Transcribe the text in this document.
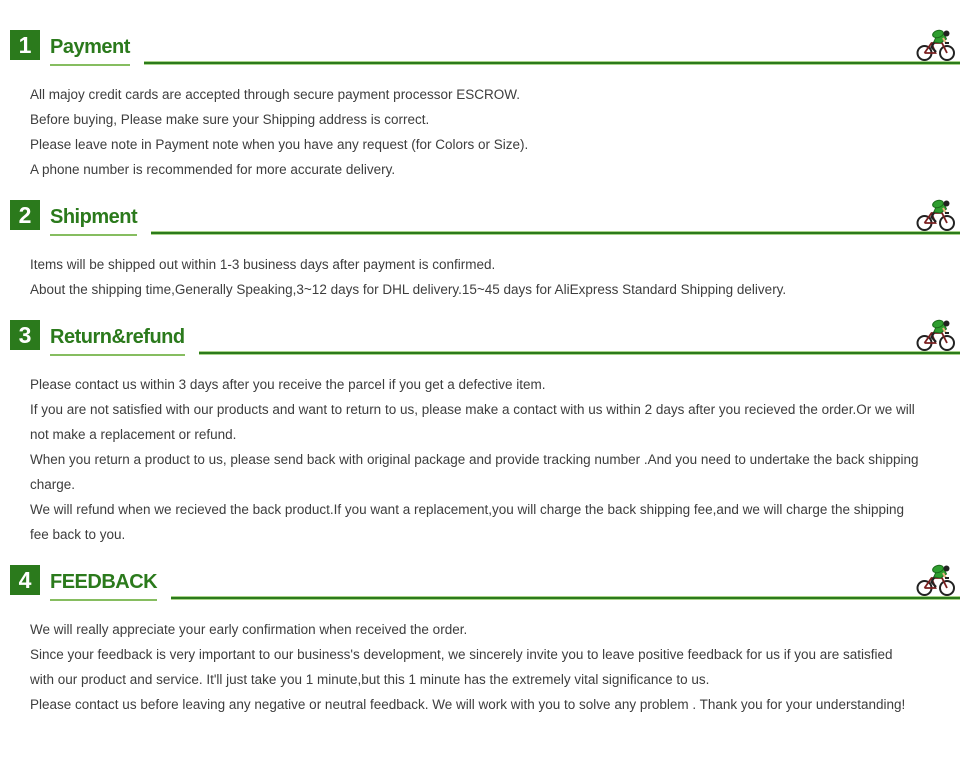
1 Payment

All majoy credit cards are accepted through secure payment processor ESCROW.

Before buying, Please make sure your Shipping address is correct.

Please leave note in Payment note when you have any request (for Colors or Size).

A phone number is recommended for more accurate delivery.

2 Shipment

Items will be shipped out within 1-3 business days after payment is confirmed.

About the shipping time,Generally Speaking,3~12 days for DHL delivery.15~45 days for AliExpress Standard Shipping delivery.

3 Return&refund

Please contact us within 3 days after you receive the parcel if you get a defective item.

If you are not satisfied with our products and want to return to us, please make a contact with us within 2 days after you recieved the order.Or we will not make a replacement or refund.

When you return a product to us, please send back with original package and provide tracking number .And you need to undertake the back shipping charge.

We will refund when we recieved the back product.If you want a replacement,you will charge the back shipping fee,and we will charge the shipping fee back to you.

4 FEEDBACK

We will really appreciate your early confirmation when received the order.

Since your feedback is very important to our business's development, we sincerely invite you to leave positive feedback for us if you are satisfied with our product and service. It'll just take you 1 minute,but this 1 minute has the extremely vital significance to us.

Please contact us before leaving any negative or neutral feedback. We will work with you to solve any problem . Thank you for your understanding!
